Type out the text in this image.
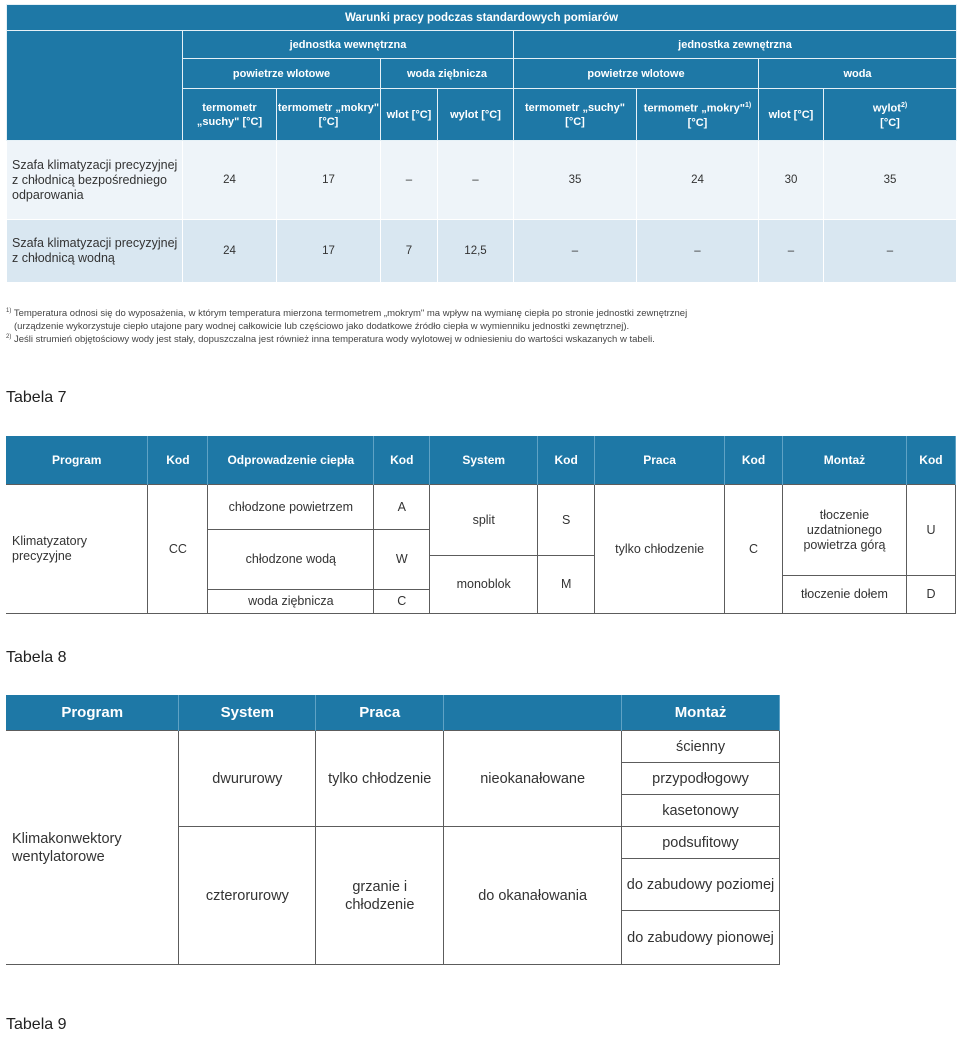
Warunki pracy podczas standardowych pomiarów								
	jednostka wewnętrzna				jednostka zewnętrzna			
	powietrze wlotowe		woda ziębnicza		powietrze wlotowe		woda	
	termometr „suchy" [°C]	termometr „mokry" [°C]	wlot [°C]	wylot [°C]	termometr „suchy" [°C]	termometr „mokry"$^{1)}$ [°C]	wlot [°C]	wylot$^{2)}$
[°C]
Szafa klimatyzacji precyzyjnej z chłodnicą bezpośredniego odparowania	24	17	–	–	35	24	30	35
Szafa klimatyzacji precyzyjnej z chłodnicą wodną	24	17	7	12,5	–	–	–	–
$^{1)}$ Temperatura odnosi się do wyposażenia, w którym temperatura mierzona termometrem „mokrym" ma wpływ na wymianę ciepła po stronie jednostki zewnętrznej
(urządzenie wykorzystuje ciepło utajone pary wodnej całkowicie lub częściowo jako dodatkowe źródło ciepła w wymienniku jednostki zewnętrznej).
$^{2)}$ Jeśli strumień objętościowy wody jest stały, dopuszczalna jest również inna temperatura wody wylotowej w odniesieniu do wartości wskazanych w tabeli.
Tabela 7
Program	Kod	Odprowadzenie ciepła	Kod	System	Kod	Praca	Kod	Montaż	Kod
Klimatyzatory precyzyjne	CC	chłodzone powietrzem	A	split	S	tylko chłodzenie	C	tłoczenie uzdatnionego powietrza górą	U

		chłodzone wodą	W						
				monoblok	M				
								tłoczenie dołem	D
		woda ziębnicza	C						
Tabela 8
Program	System	Praca		Montaż
Klimakonwektory wentylatorowe	dwururowy	tylko chłodzenie	nieokanałowane	ścienny
				przypodłogowy
				kasetonowy
	czterorurowy	grzanie i chłodzenie	do okanałowania	podsufitowy
				do zabudowy poziomej
				do zabudowy pionowej
Tabela 9
